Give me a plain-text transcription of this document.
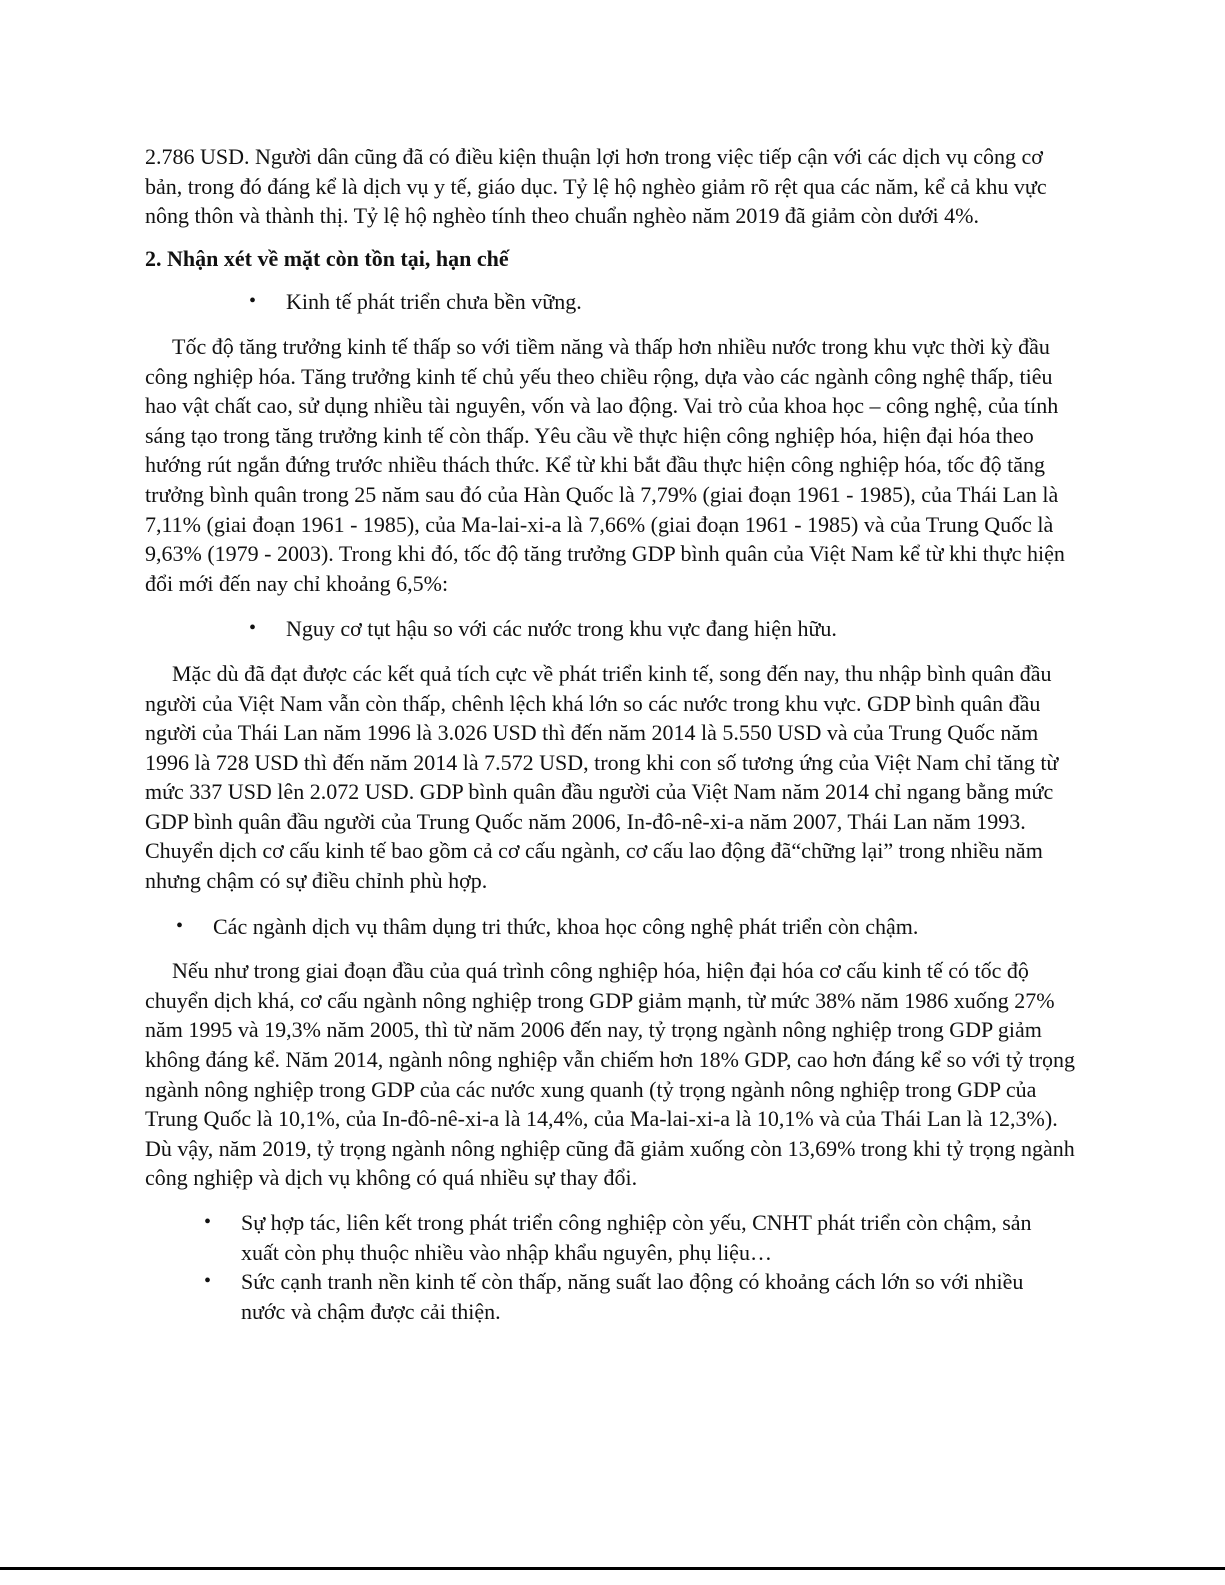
2.786 USD. Người dân cũng đã có điều kiện thuận lợi hơn trong việc tiếp cận với các dịch vụ công cơ bản, trong đó đáng kể là dịch vụ y tế, giáo dục. Tỷ lệ hộ nghèo giảm rõ rệt qua các năm, kể cả khu vực nông thôn và thành thị. Tỷ lệ hộ nghèo tính theo chuẩn nghèo năm 2019 đã giảm còn dưới 4%.

2. Nhận xét về mặt còn tồn tại, hạn chế

• Kinh tế phát triển chưa bền vững.

Tốc độ tăng trưởng kinh tế thấp so với tiềm năng và thấp hơn nhiều nước trong khu vực thời kỳ đầu công nghiệp hóa. Tăng trưởng kinh tế chủ yếu theo chiều rộng, dựa vào các ngành công nghệ thấp, tiêu hao vật chất cao, sử dụng nhiều tài nguyên, vốn và lao động. Vai trò của khoa học – công nghệ, của tính sáng tạo trong tăng trưởng kinh tế còn thấp. Yêu cầu về thực hiện công nghiệp hóa, hiện đại hóa theo hướng rút ngắn đứng trước nhiều thách thức. Kể từ khi bắt đầu thực hiện công nghiệp hóa, tốc độ tăng trưởng bình quân trong 25 năm sau đó của Hàn Quốc là 7,79% (giai đoạn 1961 - 1985), của Thái Lan là 7,11% (giai đoạn 1961 - 1985), của Ma-lai-xi-a là 7,66% (giai đoạn 1961 - 1985) và của Trung Quốc là 9,63% (1979 - 2003). Trong khi đó, tốc độ tăng trưởng GDP bình quân của Việt Nam kể từ khi thực hiện đổi mới đến nay chỉ khoảng 6,5%:

• Nguy cơ tụt hậu so với các nước trong khu vực đang hiện hữu.

Mặc dù đã đạt được các kết quả tích cực về phát triển kinh tế, song đến nay, thu nhập bình quân đầu người của Việt Nam vẫn còn thấp, chênh lệch khá lớn so các nước trong khu vực. GDP bình quân đầu người của Thái Lan năm 1996 là 3.026 USD thì đến năm 2014 là 5.550 USD và của Trung Quốc năm 1996 là 728 USD thì đến năm 2014 là 7.572 USD, trong khi con số tương ứng của Việt Nam chỉ tăng từ mức 337 USD lên 2.072 USD. GDP bình quân đầu người của Việt Nam năm 2014 chỉ ngang bằng mức GDP bình quân đầu người của Trung Quốc năm 2006, In-đô-nê-xi-a năm 2007, Thái Lan năm 1993. Chuyển dịch cơ cấu kinh tế bao gồm cả cơ cấu ngành, cơ cấu lao động đã“chững lại” trong nhiều năm nhưng chậm có sự điều chỉnh phù hợp.

• Các ngành dịch vụ thâm dụng tri thức, khoa học công nghệ phát triển còn chậm.

Nếu như trong giai đoạn đầu của quá trình công nghiệp hóa, hiện đại hóa cơ cấu kinh tế có tốc độ chuyển dịch khá, cơ cấu ngành nông nghiệp trong GDP giảm mạnh, từ mức 38% năm 1986 xuống 27% năm 1995 và 19,3% năm 2005, thì từ năm 2006 đến nay, tỷ trọng ngành nông nghiệp trong GDP giảm không đáng kể. Năm 2014, ngành nông nghiệp vẫn chiếm hơn 18% GDP, cao hơn đáng kể so với tỷ trọng ngành nông nghiệp trong GDP của các nước xung quanh (tỷ trọng ngành nông nghiệp trong GDP của Trung Quốc là 10,1%, của In-đô-nê-xi-a là 14,4%, của Ma-lai-xi-a là 10,1% và của Thái Lan là 12,3%). Dù vậy, năm 2019, tỷ trọng ngành nông nghiệp cũng đã giảm xuống còn 13,69% trong khi tỷ trọng ngành công nghiệp và dịch vụ không có quá nhiều sự thay đổi.

• Sự hợp tác, liên kết trong phát triển công nghiệp còn yếu, CNHT phát triển còn chậm, sản xuất còn phụ thuộc nhiều vào nhập khẩu nguyên, phụ liệu…
• Sức cạnh tranh nền kinh tế còn thấp, năng suất lao động có khoảng cách lớn so với nhiều nước và chậm được cải thiện.
